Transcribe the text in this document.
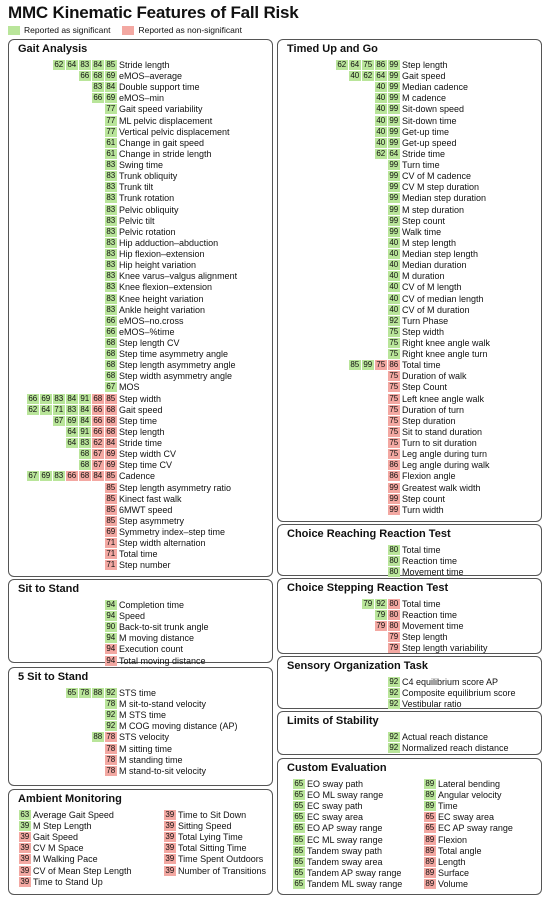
MMC Kinematic Features of Fall Risk
Reported as significant	Reported as non-significant
Gait Analysis
62 64 83 84 85 Stride length
66 68 69 eMOS–average
83 84 Double support time
66 69 eMOS–min
77 Gait speed variability
77 ML pelvic displacement
77 Vertical pelvic displacement
61 Change in gait speed
61 Change in stride length
83 Swing time
83 Trunk obliquity
83 Trunk tilt
83 Trunk rotation
83 Pelvic obliquity
83 Pelvic tilt
83 Pelvic rotation
83 Hip adduction–abduction
83 Hip flexion–extension
83 Hip height variation
83 Knee varus–valgus alignment
83 Knee flexion–extension
83 Knee height variation
83 Ankle height variation
66 eMOS–no.cross
66 eMOS–%time
68 Step length CV
68 Step time asymmetry angle
68 Step length asymmetry angle
68 Step width asymmetry angle
67 MOS
66 69 83 84 91 68 85 Step width
62 64 71 83 84 66 68 Gait speed
67 69 84 66 68 Step time
64 91 66 68 Step length
64 83 62 84 Stride time
68 67 69 Step width CV
68 67 69 Step time CV
67 69 83 66 68 84 85 Cadence
85 Step length asymmetry ratio
85 Kinect fast walk
85 6MWT speed
85 Step asymmetry
69 Symmetry index–step time
71 Step width alternation
71 Total time
71 Step number
Sit to Stand
94 Completion time
94 Speed
90 Back-to-sit trunk angle
94 M moving distance
94 Execution count
94 Total moving distance
5 Sit to Stand
65 78 88 92 STS time
78 M sit-to-stand velocity
92 M STS time
92 M COG moving distance (AP)
88 78 STS velocity
78 M sitting time
78 M standing time
78 M stand-to-sit velocity
Ambient Monitoring
63 Average Gait Speed
39 M Step Length
39 Gait Speed
39 CV M Space
39 M Walking Pace
39 CV of Mean Step Length
39 Time to Stand Up
39 Time to Sit Down
39 Sitting Speed
39 Total Lying Time
39 Total Sitting Time
39 Time Spent Outdoors
39 Number of Transitions
Timed Up and Go
62 64 75 86 99 Step length
40 62 64 99 Gait speed
40 99 Median cadence
40 99 M cadence
40 99 Sit-down speed
40 99 Sit-down time
40 99 Get-up time
40 99 Get-up speed
62 64 Stride time
99 Turn time
99 CV of M cadence
99 CV M step duration
99 Median step duration
99 M step duration
99 Step count
99 Walk time
40 M step length
40 Median step length
40 Median duration
40 M duration
40 CV of M length
40 CV of median length
40 CV of M duration
92 Turn Phase
75 Step width
75 Right knee angle walk
75 Right knee angle turn
85 99 75 86 Total time
75 Duration of walk
75 Step Count
75 Left knee angle walk
75 Duration of turn
75 Step duration
75 Sit to stand duration
75 Turn to sit duration
75 Leg angle during turn
86 Leg angle during walk
86 Flexion angle
99 Greatest walk width
99 Step count
99 Turn width
Choice Reaching Reaction Test
80 Total time
80 Reaction time
80 Movement time
Choice Stepping Reaction Test
79 92 80 Total time
79 80 Reaction time
79 80 Movement time
79 Step length
79 Step length variability
Sensory Organization Task
92 C4 equilibrium score AP
92 Composite equilibrium score
92 Vestibular ratio
Limits of Stability
92 Actual reach distance
92 Normalized reach distance
Custom Evaluation
65 EO sway path
65 EO ML sway range
65 EC sway path
65 EC sway area
65 EO AP sway range
65 EC ML sway range
65 Tandem sway path
65 Tandem sway area
65 Tandem AP sway range
65 Tandem ML sway range
89 Lateral bending
89 Angular velocity
89 Time
65 EC sway area
65 EC AP sway range
89 Flexion
89 Total angle
89 Length
89 Surface
89 Volume
